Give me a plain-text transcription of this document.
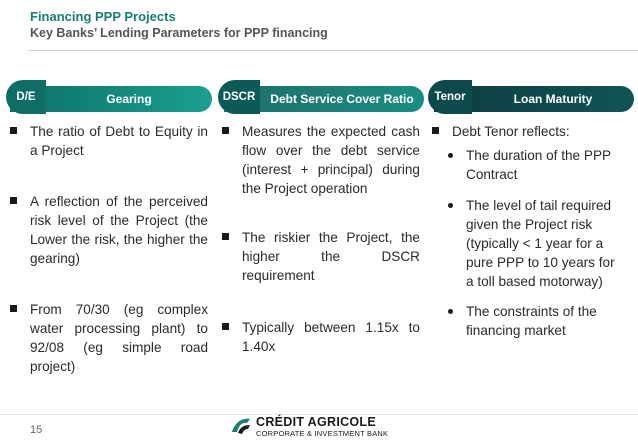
Financing PPP Projects
Key Banks’ Lending Parameters for PPP financing
D/E	Gearing
The ratio of Debt to Equity in a Project
A reflection of the perceived risk level of the Project (the Lower the risk, the higher the gearing)
From 70/30 (eg complex water processing plant) to 92/08 (eg simple road project)
DSCR	Debt Service Cover Ratio
Measures the expected cash flow over the debt service (interest + principal) during the Project operation
The riskier the Project, the higher the DSCR requirement
Typically between 1.15x to 1.40x
Tenor	Loan Maturity
Debt Tenor reflects:
The duration of the PPP Contract
The level of tail required given the Project risk (typically < 1 year for a pure PPP to 10 years for a toll based motorway)
The constraints of the financing market
15
CRÉDIT AGRICOLE
CORPORATE & INVESTMENT BANK
